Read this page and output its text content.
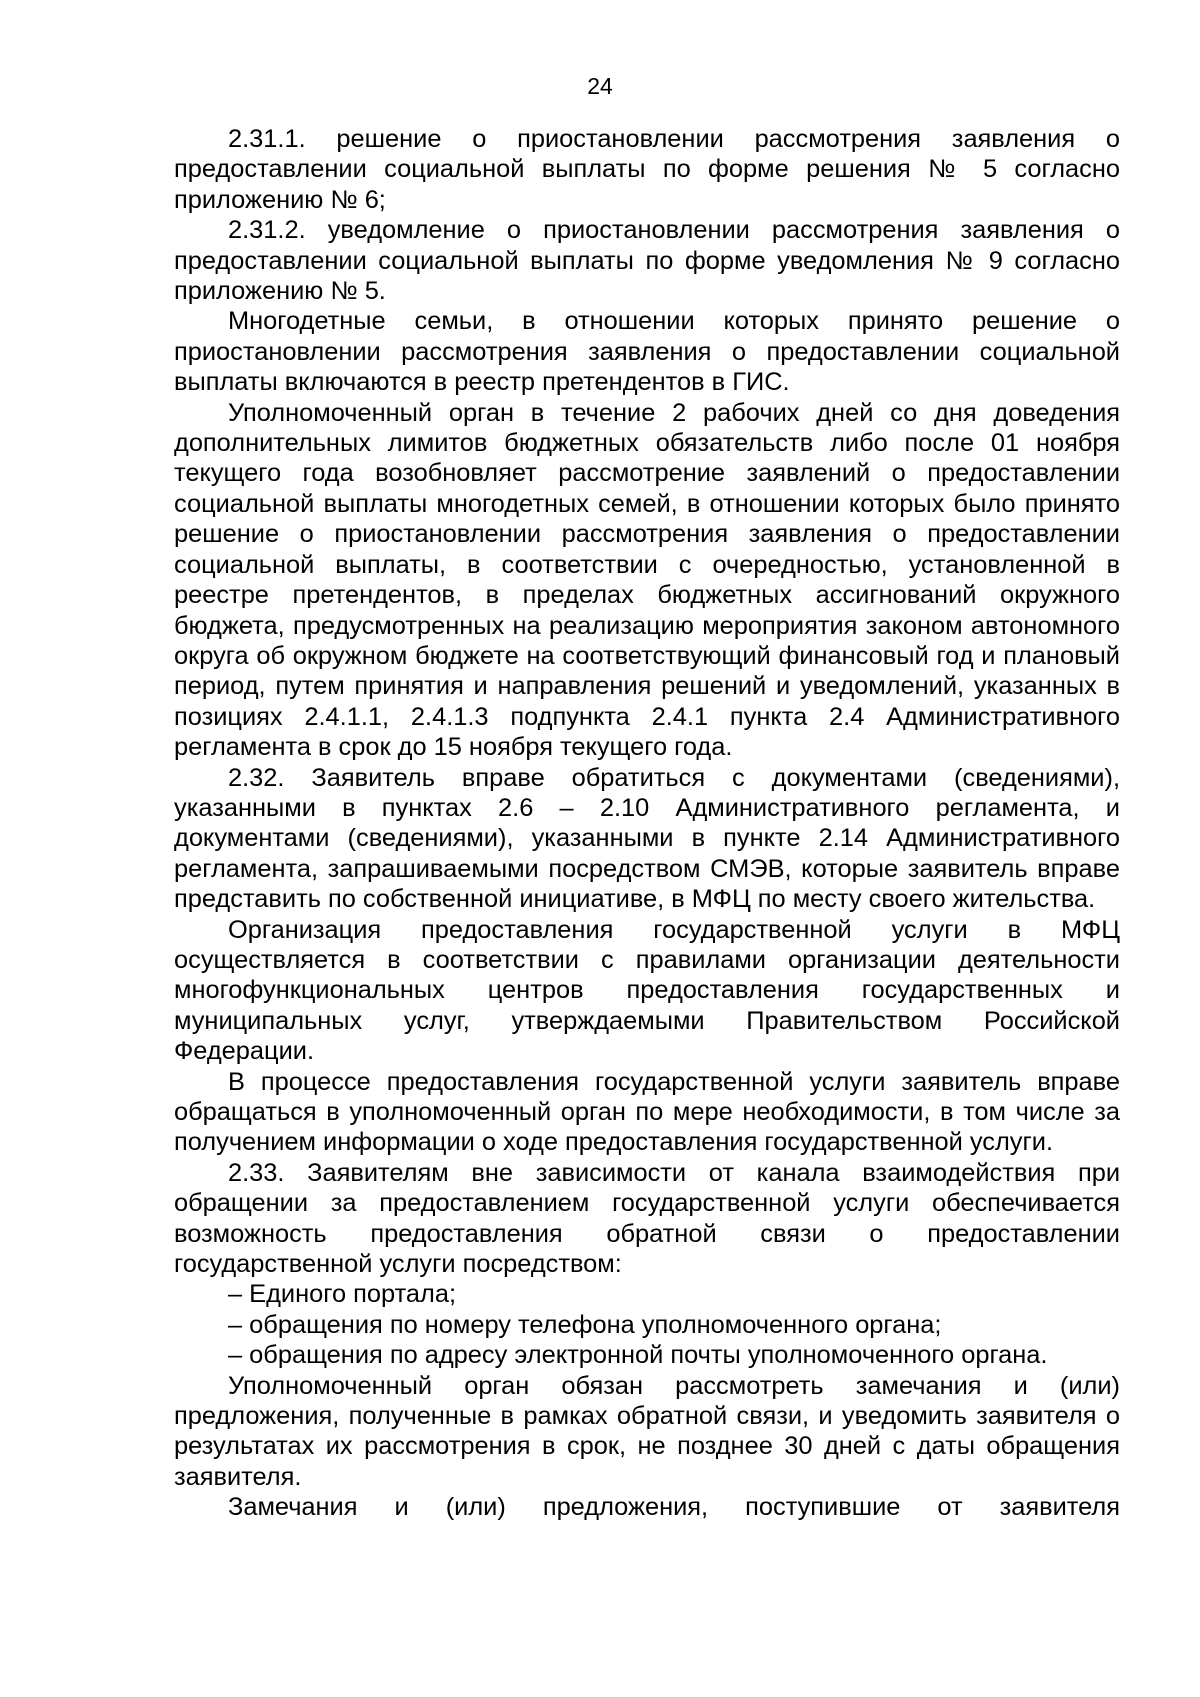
24

2.31.1. решение о приостановлении рассмотрения заявления о предоставлении социальной выплаты по форме решения № 5 согласно приложению № 6;

2.31.2. уведомление о приостановлении рассмотрения заявления о предоставлении социальной выплаты по форме уведомления № 9 согласно приложению № 5.

Многодетные семьи, в отношении которых принято решение о приостановлении рассмотрения заявления о предоставлении социальной выплаты включаются в реестр претендентов в ГИС.

Уполномоченный орган в течение 2 рабочих дней со дня доведения дополнительных лимитов бюджетных обязательств либо после 01 ноября текущего года возобновляет рассмотрение заявлений о предоставлении социальной выплаты многодетных семей, в отношении которых было принято решение о приостановлении рассмотрения заявления о предоставлении социальной выплаты, в соответствии с очередностью, установленной в реестре претендентов, в пределах бюджетных ассигнований окружного бюджета, предусмотренных на реализацию мероприятия законом автономного округа об окружном бюджете на соответствующий финансовый год и плановый период, путем принятия и направления решений и уведомлений, указанных в позициях 2.4.1.1, 2.4.1.3 подпункта 2.4.1 пункта 2.4 Административного регламента в срок до 15 ноября текущего года.

2.32. Заявитель вправе обратиться с документами (сведениями), указанными в пунктах 2.6 – 2.10 Административного регламента, и документами (сведениями), указанными в пункте 2.14 Административного регламента, запрашиваемыми посредством СМЭВ, которые заявитель вправе представить по собственной инициативе, в МФЦ по месту своего жительства.

Организация предоставления государственной услуги в МФЦ осуществляется в соответствии с правилами организации деятельности многофункциональных центров предоставления государственных и муниципальных услуг, утверждаемыми Правительством Российской Федерации.

В процессе предоставления государственной услуги заявитель вправе обращаться в уполномоченный орган по мере необходимости, в том числе за получением информации о ходе предоставления государственной услуги.

2.33. Заявителям вне зависимости от канала взаимодействия при обращении за предоставлением государственной услуги обеспечивается возможность предоставления обратной связи о предоставлении государственной услуги посредством:

– Единого портала;

– обращения по номеру телефона уполномоченного органа;

– обращения по адресу электронной почты уполномоченного органа.

Уполномоченный орган обязан рассмотреть замечания и (или) предложения, полученные в рамках обратной связи, и уведомить заявителя о результатах их рассмотрения в срок, не позднее 30 дней с даты обращения заявителя.

Замечания и (или) предложения, поступившие от заявителя
